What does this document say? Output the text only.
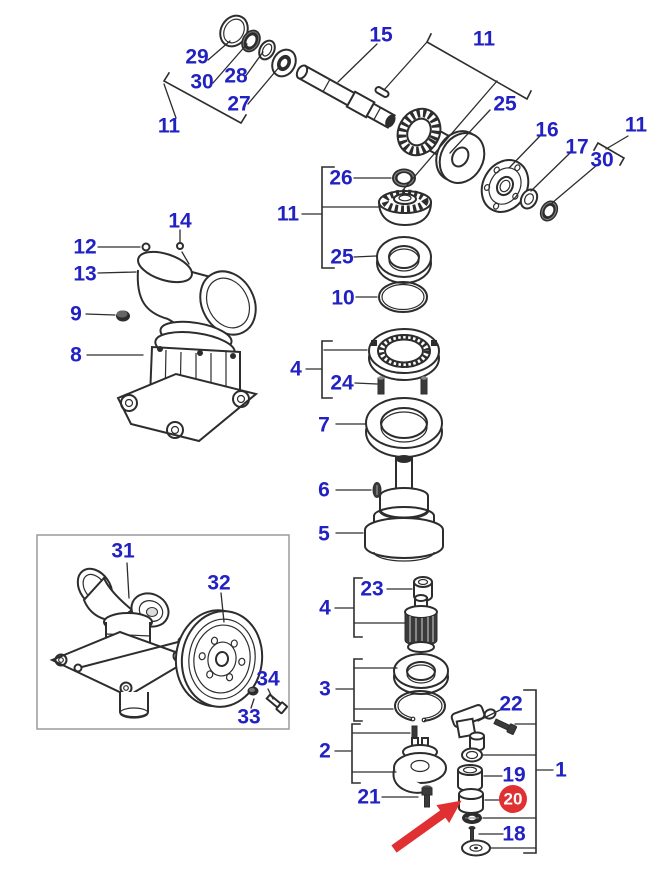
20
29
30 28
27
11
15	11
25
16
17
30
11
12
14
13
9
8
26
11
25
10
4
24
7
6
5
23
4
3
2
21
22
19
18
1
31
32
34
33
